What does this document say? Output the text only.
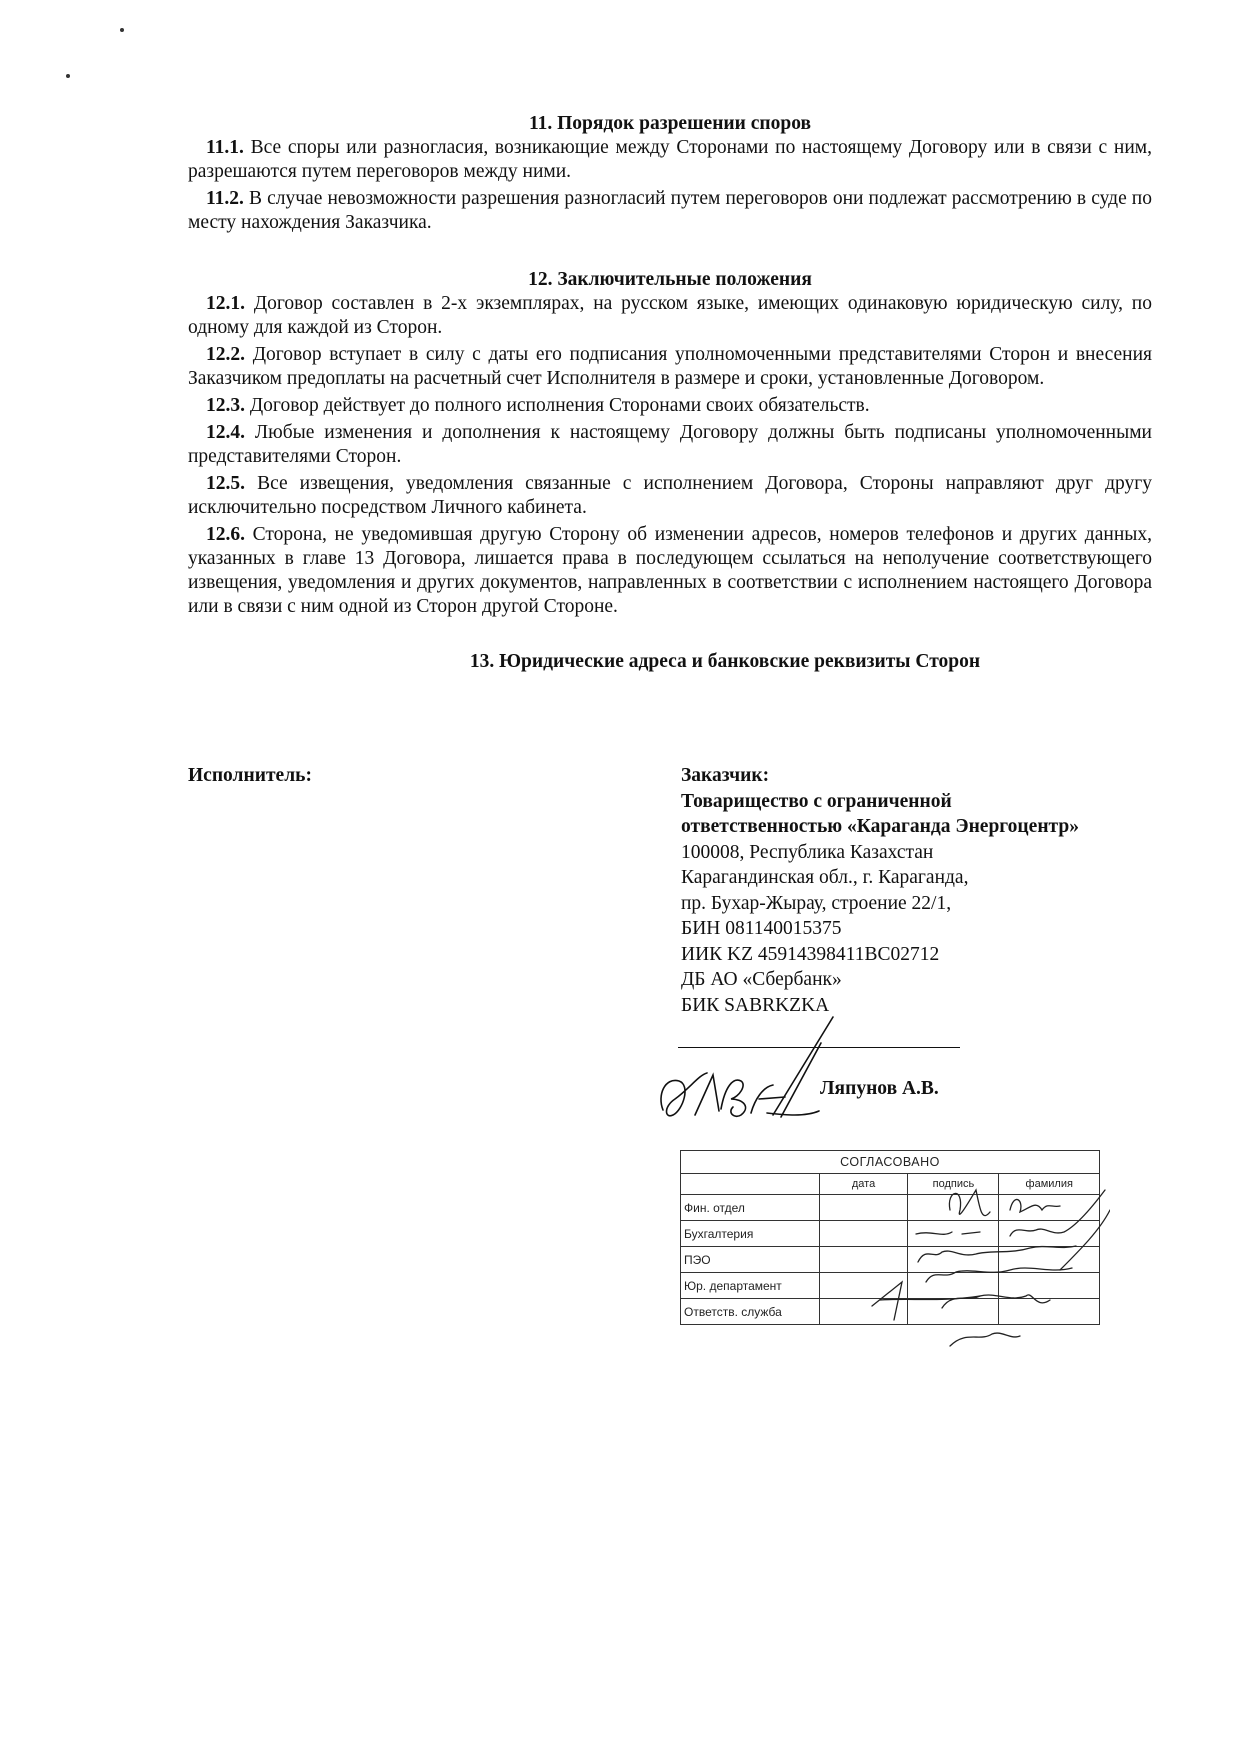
11. Порядок разрешении споров

11.1. Все споры или разногласия, возникающие между Сторонами по настоящему Договору или в связи с ним, разрешаются путем переговоров между ними.

11.2. В случае невозможности разрешения разногласий путем переговоров они подлежат рассмотрению в суде по месту нахождения Заказчика.

12. Заключительные положения

12.1. Договор составлен в 2-х экземплярах, на русском языке, имеющих одинаковую юридическую силу, по одному для каждой из Сторон.

12.2. Договор вступает в силу с даты его подписания уполномоченными представителями Сторон и внесения Заказчиком предоплаты на расчетный счет Исполнителя в размере и сроки, установленные Договором.

12.3. Договор действует до полного исполнения Сторонами своих обязательств.

12.4. Любые изменения и дополнения к настоящему Договору должны быть подписаны уполномоченными представителями Сторон.

12.5. Все извещения, уведомления связанные с исполнением Договора, Стороны направляют друг другу исключительно посредством Личного кабинета.

12.6. Сторона, не уведомившая другую Сторону об изменении адресов, номеров телефонов и других данных, указанных в главе 13 Договора, лишается права в последующем ссылаться на неполучение соответствующего извещения, уведомления и других документов, направленных в соответствии с исполнением настоящего Договора или в связи с ним одной из Сторон другой Стороне.

13. Юридические адреса и банковские реквизиты Сторон

Исполнитель:	Заказчик:
Товарищество с ограниченной
ответственностью «Караганда Энергоцентр»
100008, Республика Казахстан
Карагандинская обл., г. Караганда,
пр. Бухар-Жырау, строение 22/1,
БИН 081140015375
ИИК KZ 45914398411BC02712
ДБ АО «Сбербанк»
БИК SABRKZKA
Ляпунов А.В.
СОГЛАСОВАНО			
	дата	подпись	фамилия
Фин. отдел			
Бухгалтерия			
ПЭО			
Юр. департамент			
Ответств. служба			
